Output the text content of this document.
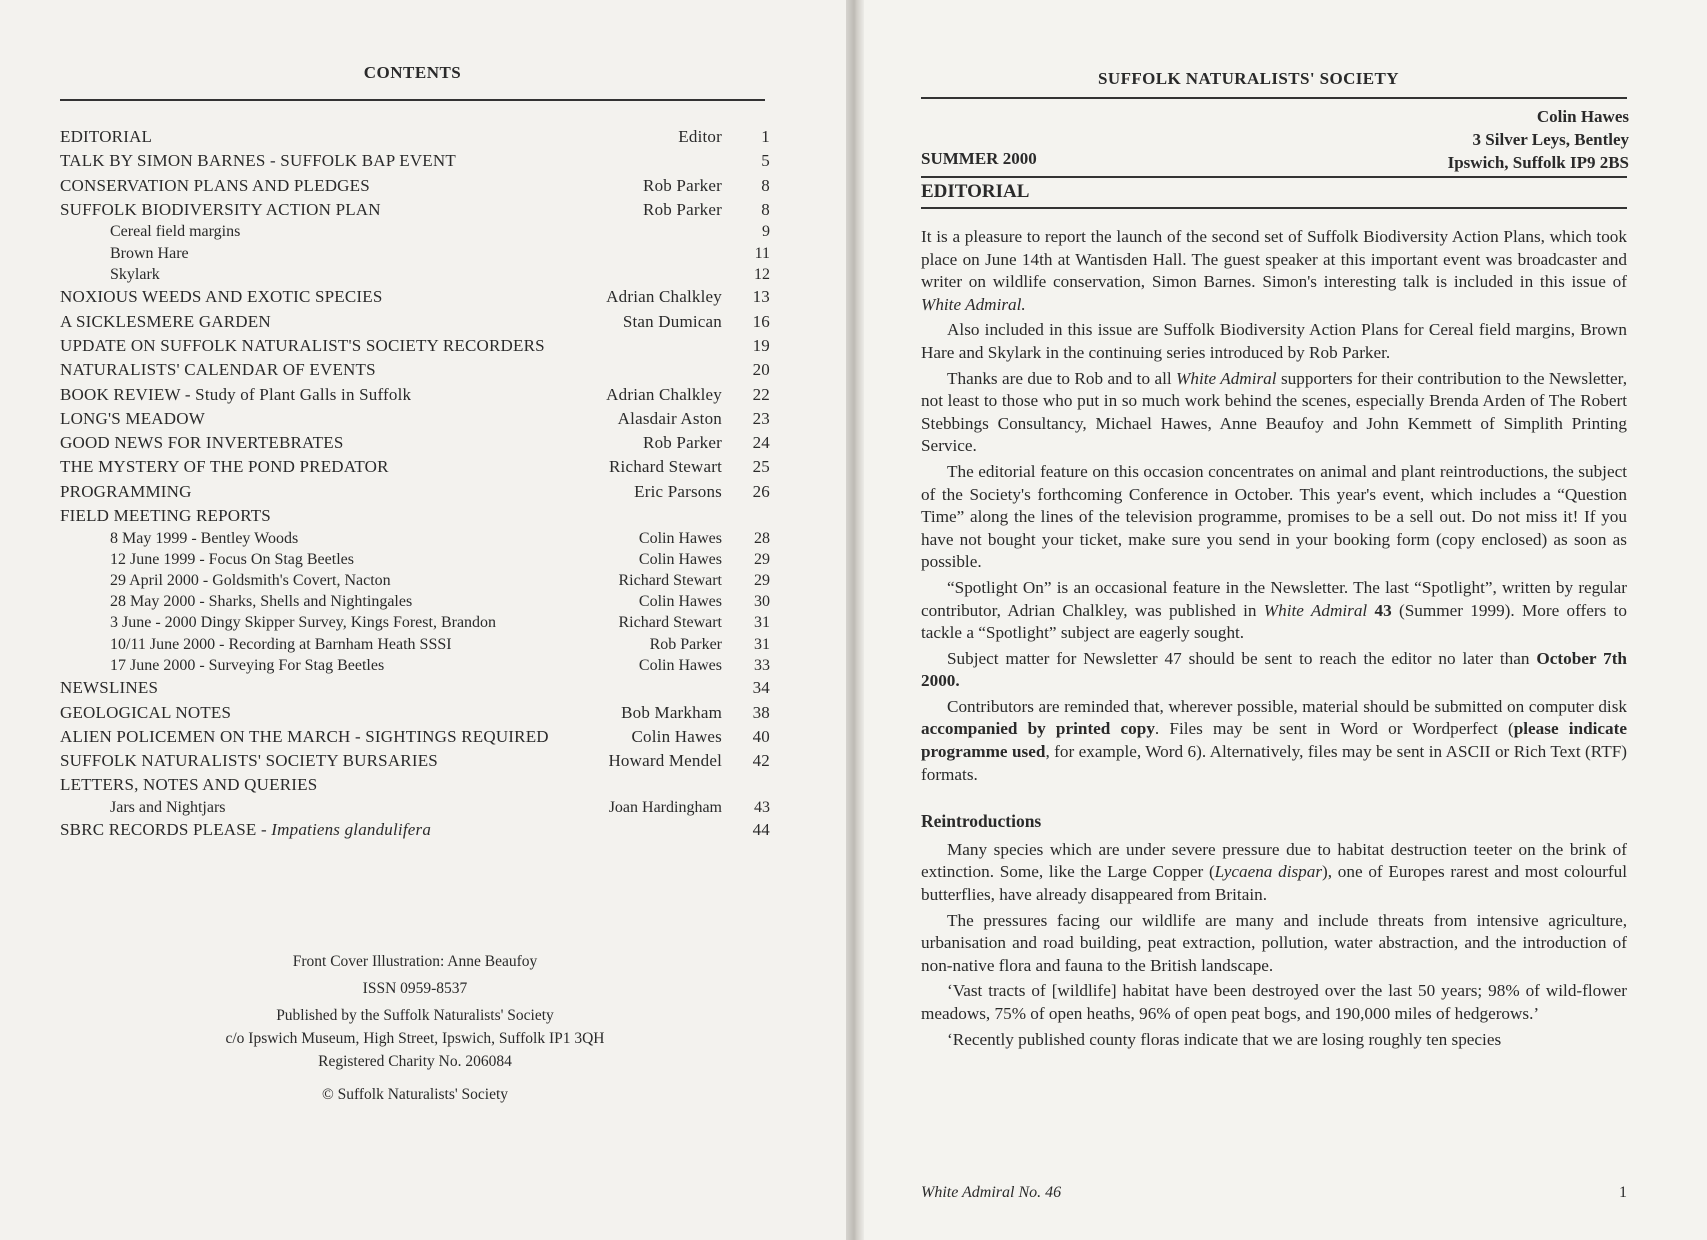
CONTENTS
EDITORIAL	Editor	1
TALK BY SIMON BARNES - SUFFOLK BAP EVENT	5
CONSERVATION PLANS AND PLEDGES	Rob Parker	8
SUFFOLK BIODIVERSITY ACTION PLAN	Rob Parker	8
Cereal field margins	9
Brown Hare	11
Skylark	12
NOXIOUS WEEDS AND EXOTIC SPECIES	Adrian Chalkley	13
A SICKLESMERE GARDEN	Stan Dumican	16
UPDATE ON SUFFOLK NATURALIST'S SOCIETY RECORDERS	19
NATURALISTS' CALENDAR OF EVENTS	20
BOOK REVIEW - Study of Plant Galls in Suffolk	Adrian Chalkley	22
LONG'S MEADOW	Alasdair Aston	23
GOOD NEWS FOR INVERTEBRATES	Rob Parker	24
THE MYSTERY OF THE POND PREDATOR	Richard Stewart	25
PROGRAMMING	Eric Parsons	26
FIELD MEETING REPORTS
8 May 1999 - Bentley Woods	Colin Hawes	28
12 June 1999 - Focus On Stag Beetles	Colin Hawes	29
29 April 2000 - Goldsmith's Covert, Nacton	Richard Stewart	29
28 May 2000 - Sharks, Shells and Nightingales	Colin Hawes	30
3 June - 2000 Dingy Skipper Survey, Kings Forest, Brandon	Richard Stewart	31
10/11 June 2000 - Recording at Barnham Heath SSSI	Rob Parker	31
17 June 2000 - Surveying For Stag Beetles	Colin Hawes	33
NEWSLINES	34
GEOLOGICAL NOTES	Bob Markham	38
ALIEN POLICEMEN ON THE MARCH - SIGHTINGS REQUIRED	Colin Hawes	40
SUFFOLK NATURALISTS' SOCIETY BURSARIES	Howard Mendel	42
LETTERS, NOTES AND QUERIES
Jars and Nightjars	Joan Hardingham	43
SBRC RECORDS PLEASE - Impatiens glandulifera	44
Front Cover Illustration: Anne Beaufoy
ISSN 0959-8537
Published by the Suffolk Naturalists' Society
c/o Ipswich Museum, High Street, Ipswich, Suffolk IP1 3QH
Registered Charity No. 206084
© Suffolk Naturalists' Society
SUFFOLK NATURALISTS' SOCIETY
Colin Hawes
3 Silver Leys, Bentley
Ipswich, Suffolk IP9 2BS
SUMMER 2000
EDITORIAL

It is a pleasure to report the launch of the second set of Suffolk Biodiversity Action Plans, which took place on June 14th at Wantisden Hall. The guest speaker at this important event was broadcaster and writer on wildlife conservation, Simon Barnes. Simon's interesting talk is included in this issue of White Admiral.

Also included in this issue are Suffolk Biodiversity Action Plans for Cereal field margins, Brown Hare and Skylark in the continuing series introduced by Rob Parker.

Thanks are due to Rob and to all White Admiral supporters for their contribution to the Newsletter, not least to those who put in so much work behind the scenes, especially Brenda Arden of The Robert Stebbings Consultancy, Michael Hawes, Anne Beaufoy and John Kemmett of Simplith Printing Service.

The editorial feature on this occasion concentrates on animal and plant reintroductions, the subject of the Society's forthcoming Conference in October. This year's event, which includes a “Question Time” along the lines of the television programme, promises to be a sell out. Do not miss it! If you have not bought your ticket, make sure you send in your booking form (copy enclosed) as soon as possible.

“Spotlight On” is an occasional feature in the Newsletter. The last “Spotlight”, written by regular contributor, Adrian Chalkley, was published in White Admiral 43 (Summer 1999). More offers to tackle a “Spotlight” subject are eagerly sought.

Subject matter for Newsletter 47 should be sent to reach the editor no later than October 7th 2000.

Contributors are reminded that, wherever possible, material should be submitted on computer disk accompanied by printed copy. Files may be sent in Word or Wordperfect (please indicate programme used, for example, Word 6). Alternatively, files may be sent in ASCII or Rich Text (RTF) formats.

Reintroductions

Many species which are under severe pressure due to habitat destruction teeter on the brink of extinction. Some, like the Large Copper (Lycaena dispar), one of Europes rarest and most colourful butterflies, have already disappeared from Britain.

The pressures facing our wildlife are many and include threats from intensive agriculture, urbanisation and road building, peat extraction, pollution, water abstraction, and the introduction of non-native flora and fauna to the British landscape.

‘Vast tracts of [wildlife] habitat have been destroyed over the last 50 years; 98% of wild-flower meadows, 75% of open heaths, 96% of open peat bogs, and 190,000 miles of hedgerows.’

‘Recently published county floras indicate that we are losing roughly ten species

White Admiral No. 46	1
